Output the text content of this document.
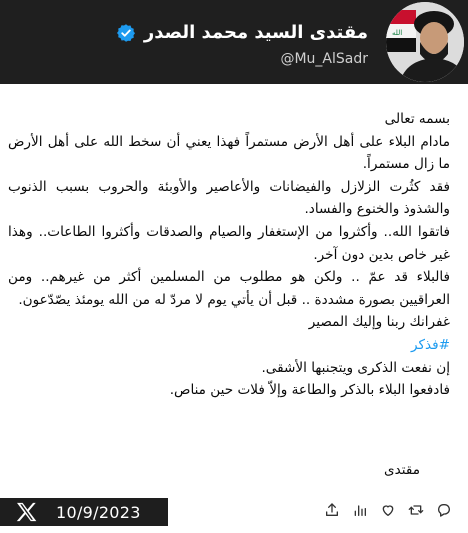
مقتدى السيد محمد الصدر
@Mu_AlSadr
الله

بسمه تعالى

مادام البلاء على أهل الأرض مستمراً فهذا يعني أن سخط الله على أهل الأرض ما زال مستمراً.

فقد كثُرت الزلازل والفيضانات والأعاصير والأوبئة والحروب بسبب الذنوب والشذوذ والخنوع والفساد.

فاتقوا الله.. وأكثروا من الإستغفار والصيام والصدقات وأكثروا الطاعات.. وهذا غير خاص بدين دون آخر.

فالبلاء قد عمّ .. ولكن هو مطلوب من المسلمين أكثر من غيرهم.. ومن العراقيين بصورة مشددة .. قبل أن يأتي يوم لا مردّ له من الله يومئذ يصّدّعون.

غفرانك ربنا وإليك المصير

#فذكر

إن نفعت الذكرى ويتجنبها الأشقى.

فادفعوا البلاء بالذكر والطاعة وإلاّ فلات حين مناص.

مقتدى
10/9/2023
